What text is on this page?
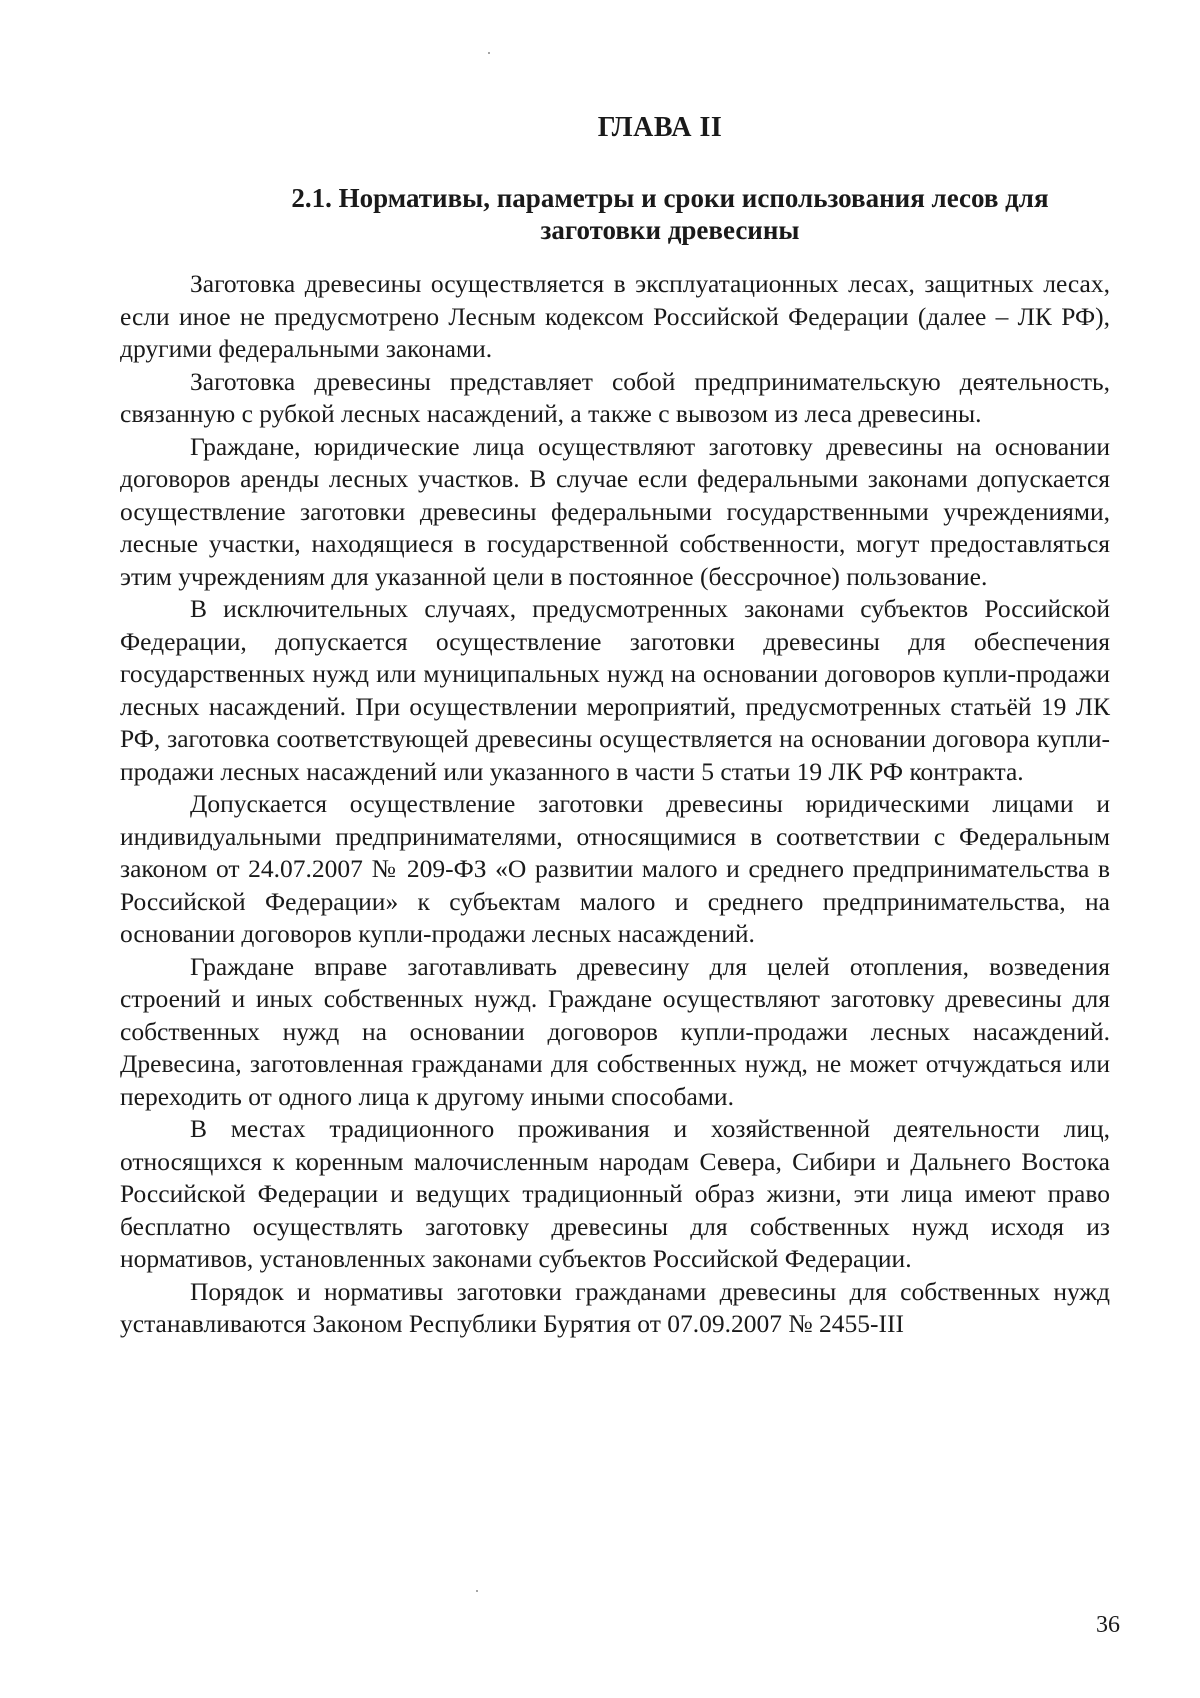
ГЛАВА II
2.1. Нормативы, параметры и сроки использования лесов для заготовки древесины

Заготовка древесины осуществляется в эксплуатационных лесах, защитных лесах, если иное не предусмотрено Лесным кодексом Российской Федерации (далее – ЛК РФ), другими федеральными законами.

Заготовка древесины представляет собой предпринимательскую деятельность, связанную с рубкой лесных насаждений, а также с вывозом из леса древесины.

Граждане, юридические лица осуществляют заготовку древесины на основании договоров аренды лесных участков. В случае если федеральными законами допускается осуществление заготовки древесины федеральными государственными учреждениями, лесные участки, находящиеся в государственной собственности, могут предоставляться этим учреждениям для указанной цели в постоянное (бессрочное) пользование.

В исключительных случаях, предусмотренных законами субъектов Российской Федерации, допускается осуществление заготовки древесины для обеспечения государственных нужд или муниципальных нужд на основании договоров купли-продажи лесных насаждений. При осуществлении мероприятий, предусмотренных статьёй 19 ЛК РФ, заготовка соответствующей древесины осуществляется на основании договора купли-продажи лесных насаждений или указанного в части 5 статьи 19 ЛК РФ контракта.

Допускается осуществление заготовки древесины юридическими лицами и индивидуальными предпринимателями, относящимися в соответствии с Федеральным законом от 24.07.2007 № 209-ФЗ «О развитии малого и среднего предпринимательства в Российской Федерации» к субъектам малого и среднего предпринимательства, на основании договоров купли-продажи лесных насаждений.

Граждане вправе заготавливать древесину для целей отопления, возведения строений и иных собственных нужд. Граждане осуществляют заготовку древесины для собственных нужд на основании договоров купли-продажи лесных насаждений. Древесина, заготовленная гражданами для собственных нужд, не может отчуждаться или переходить от одного лица к другому иными способами.

В местах традиционного проживания и хозяйственной деятельности лиц, относящихся к коренным малочисленным народам Севера, Сибири и Дальнего Востока Российской Федерации и ведущих традиционный образ жизни, эти лица имеют право бесплатно осуществлять заготовку древесины для собственных нужд исходя из нормативов, установленных законами субъектов Российской Федерации.

Порядок и нормативы заготовки гражданами древесины для собственных нужд устанавливаются Законом Республики Бурятия от 07.09.2007 № 2455-III

36
